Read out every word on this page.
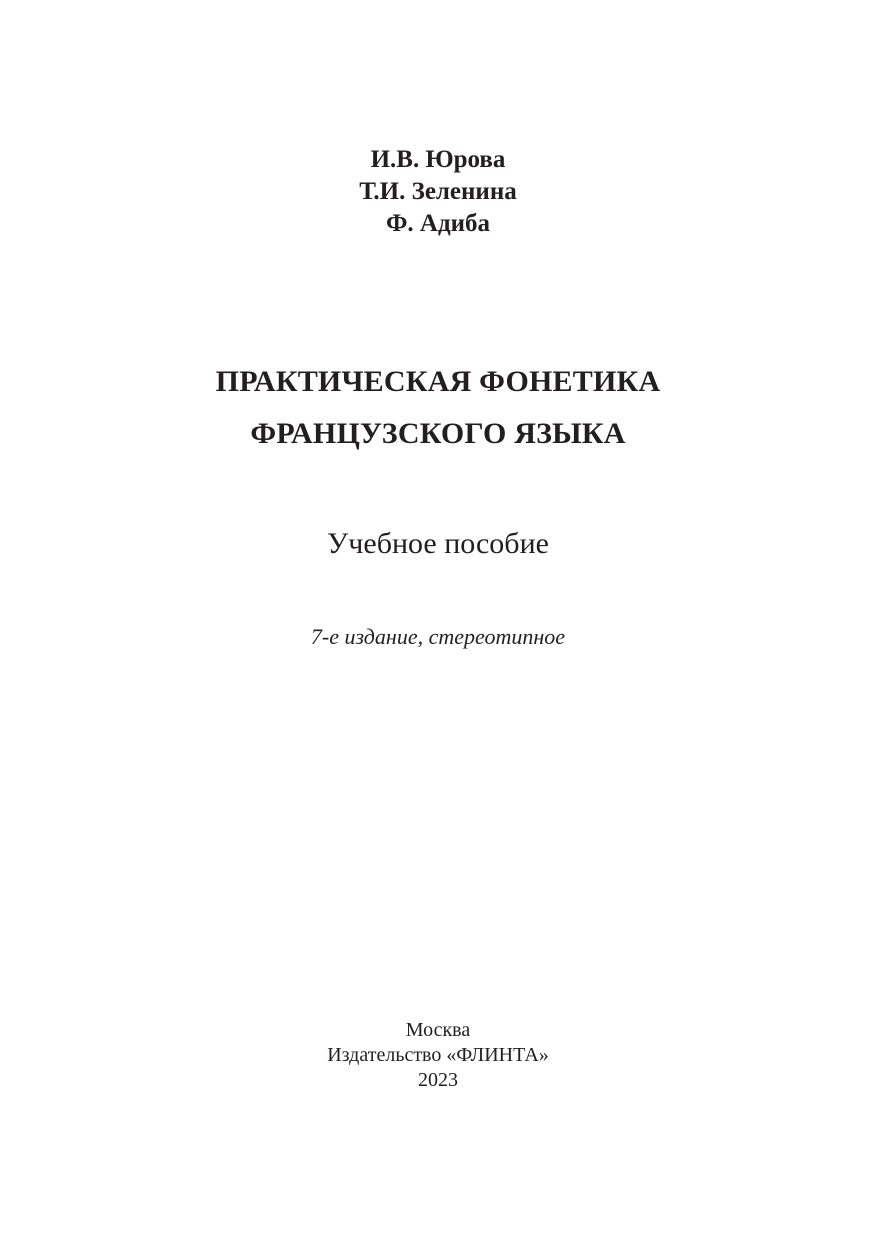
И.В. Юрова
Т.И. Зеленина
Ф. Адиба
ПРАКТИЧЕСКАЯ ФОНЕТИКА
ФРАНЦУЗСКОГО ЯЗЫКА
Учебное пособие
7-е издание, стереотипное
Москва
Издательство «ФЛИНТА»
2023
